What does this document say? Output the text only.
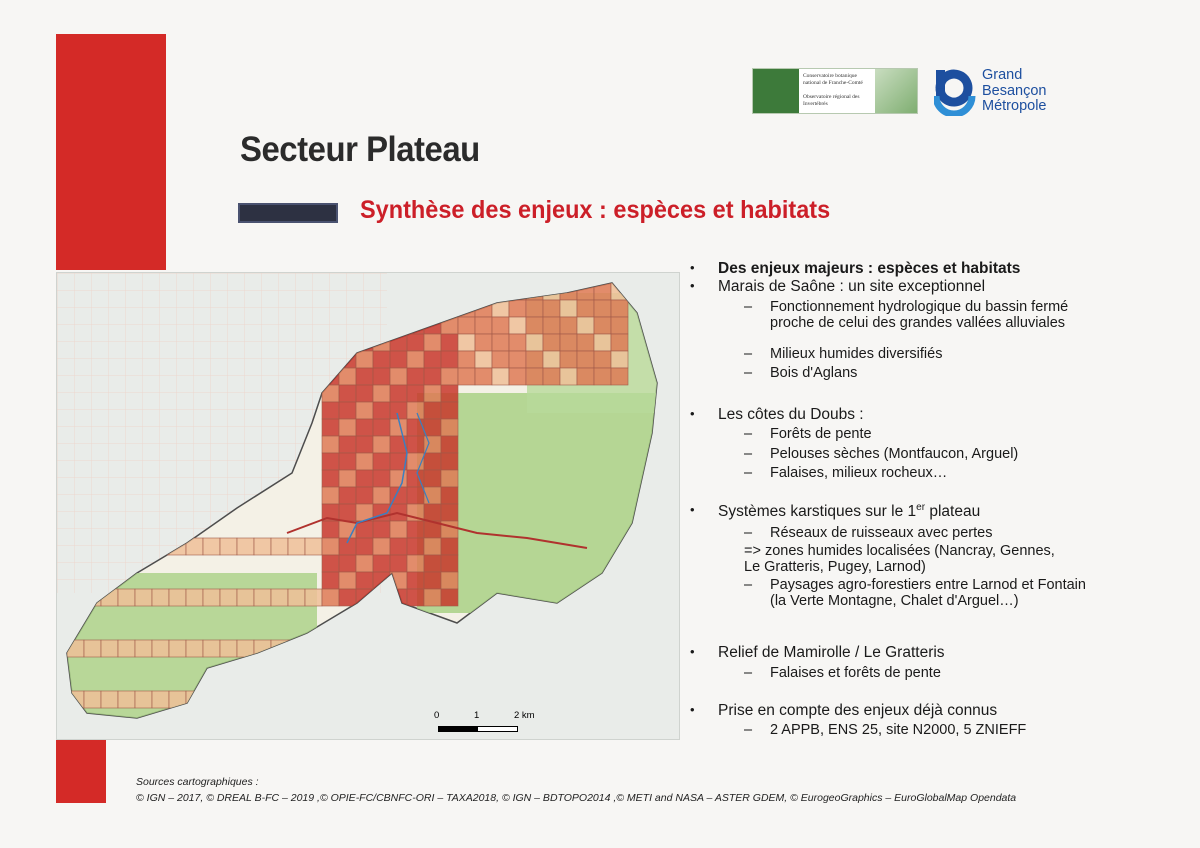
Conservatoire botanique national de Franche-Comté
Observatoire régional des Invertébrés
Grand
Besançon
Métropole
Secteur Plateau
Synthèse des enjeux : espèces et habitats
0	1	2 km
• Des enjeux majeurs : espèces et habitats
• Marais de Saône : un site exceptionnel
– Fonctionnement hydrologique du bassin fermé proche de celui des grandes vallées alluviales
– Milieux humides diversifiés
– Bois d'Aglans
• Les côtes du Doubs :
– Forêts de pente
– Pelouses sèches (Montfaucon, Arguel)
– Falaises, milieux rocheux…
• Systèmes karstiques sur le 1er plateau
– Réseaux de ruisseaux avec pertes
=> zones humides localisées (Nancray, Gennes, Le Gratteris, Pugey, Larnod)
– Paysages agro-forestiers entre Larnod et Fontain (la Verte Montagne, Chalet d'Arguel…)
• Relief de Mamirolle / Le Gratteris
– Falaises et forêts de pente
• Prise en compte des enjeux déjà connus
– 2 APPB, ENS 25, site N2000, 5 ZNIEFF
Sources cartographiques :
© IGN – 2017, © DREAL B-FC – 2019 ,© OPIE-FC/CBNFC-ORI – TAXA2018, © IGN – BDTOPO2014 ,© METI and NASA – ASTER GDEM, © EurogeoGraphics – EuroGlobalMap Opendata
